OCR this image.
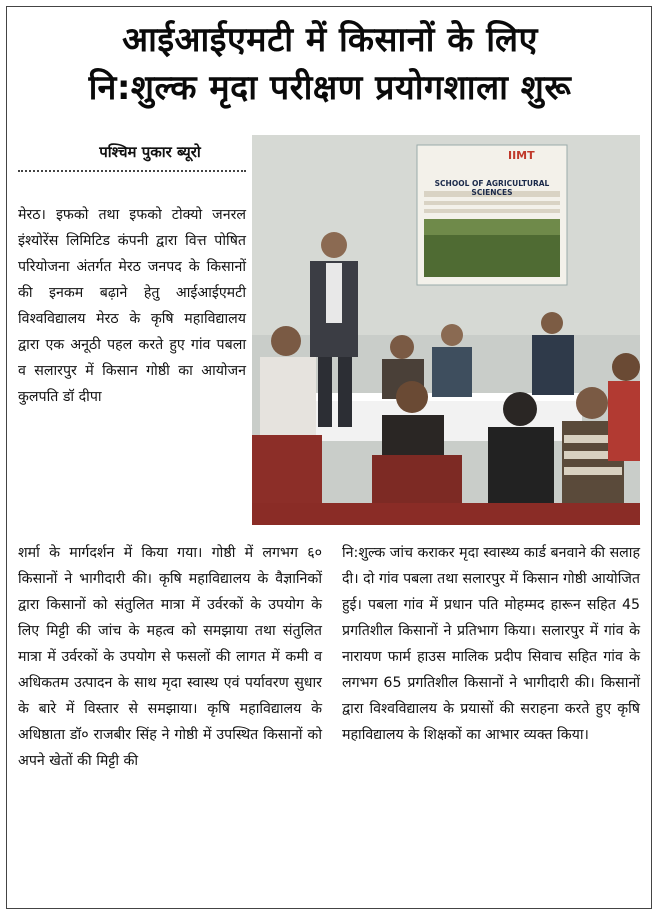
आईआईएमटी में किसानों के लिए
नि:शुल्क मृदा परीक्षण प्रयोगशाला शुरू
पश्चिम पुकार ब्यूरो

मेरठ। इफको तथा इफको टोक्यो जनरल इंश्योरेंस लिमिटिड कंपनी द्वारा वित्त पोषित परियोजना अंतर्गत मेरठ जनपद के किसानों की इनकम बढ़ाने हेतु आईआईएमटी विश्वविद्यालय मेरठ के कृषि महाविद्यालय द्वारा एक अनूठी पहल करते हुए गांव पबला व सलारपुर में किसान गोष्ठी का आयोजन कुलपति डॉ दीपा

IIMT
SCHOOL OF AGRICULTURAL SCIENCES

शर्मा के मार्गदर्शन में किया गया। गोष्ठी में लगभग ६० किसानों ने भागीदारी की। कृषि महाविद्यालय के वैज्ञानिकों द्वारा किसानों को संतुलित मात्रा में उर्वरकों के उपयोग के लिए मिट्टी की जांच के महत्व को समझाया तथा संतुलित मात्रा में उर्वरकों के उपयोग से फसलों की लागत में कमी व अधिकतम उत्पादन के साथ मृदा स्वास्थ एवं पर्यावरण सुधार के बारे में विस्तार से समझाया। कृषि महाविद्यालय के अधिष्ठाता डॉ० राजबीर सिंह ने गोष्ठी में उपस्थित किसानों को अपने खेतों की मिट्टी की

नि:शुल्क जांच कराकर मृदा स्वास्थ्य कार्ड बनवाने की सलाह दी। दो गांव पबला तथा सलारपुर में किसान गोष्ठी आयोजित हुई। पबला गांव में प्रधान पति मोहम्मद हारून सहित 45 प्रगतिशील किसानों ने प्रतिभाग किया। सलारपुर में गांव के नारायण फार्म हाउस मालिक प्रदीप सिवाच सहित गांव के लगभग 65 प्रगतिशील किसानों ने भागीदारी की। किसानों द्वारा विश्वविद्यालय के प्रयासों की सराहना करते हुए कृषि महाविद्यालय के शिक्षकों का आभार व्यक्त किया।
